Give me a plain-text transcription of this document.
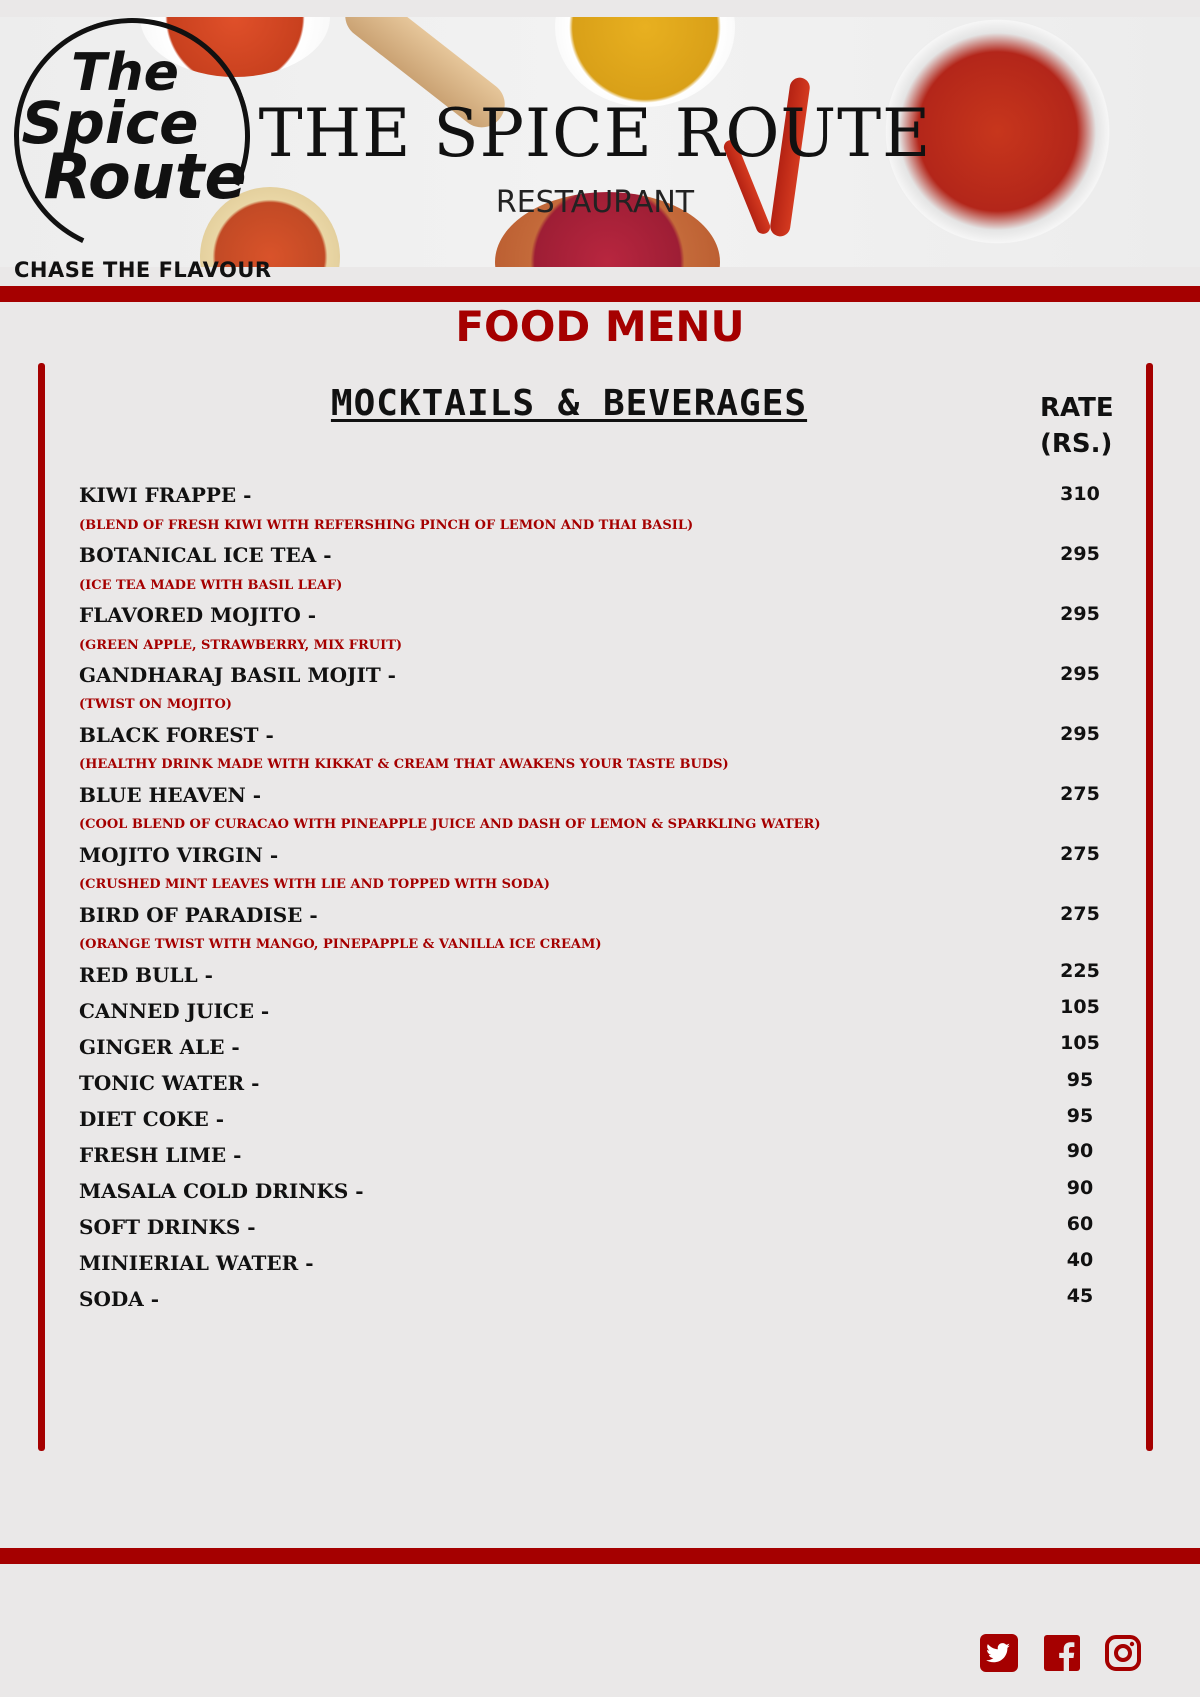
THE SPICE ROUTE
RESTAURANT
The
Spice
Route
CHASE THE FLAVOUR
FOOD MENU
MOCKTAILS & BEVERAGES	RATE
(RS.)
KIWI FRAPPE -
(BLEND OF FRESH KIWI WITH REFERSHING PINCH OF LEMON AND THAI BASIL)
310
BOTANICAL ICE TEA -
(ICE TEA MADE WITH BASIL LEAF)
295
FLAVORED MOJITO -
(GREEN APPLE, STRAWBERRY, MIX FRUIT)
295
GANDHARAJ BASIL MOJIT -
(TWIST ON MOJITO)
295
BLACK FOREST -
(HEALTHY DRINK MADE WITH KIKKAT & CREAM THAT AWAKENS YOUR TASTE BUDS)
295
BLUE HEAVEN -
(COOL BLEND OF CURACAO WITH PINEAPPLE JUICE AND DASH OF LEMON & SPARKLING WATER)
275
MOJITO VIRGIN -
(CRUSHED MINT LEAVES WITH LIE AND TOPPED WITH SODA)
275
BIRD OF PARADISE -
(ORANGE TWIST WITH MANGO, PINEPAPPLE & VANILLA ICE CREAM)
275
RED BULL -	225
CANNED JUICE -	105
GINGER ALE -	105
TONIC WATER -	95
DIET COKE -	95
FRESH LIME -	90
MASALA COLD DRINKS -	90
SOFT DRINKS -	60
MINIERIAL WATER -	40
SODA -	45
